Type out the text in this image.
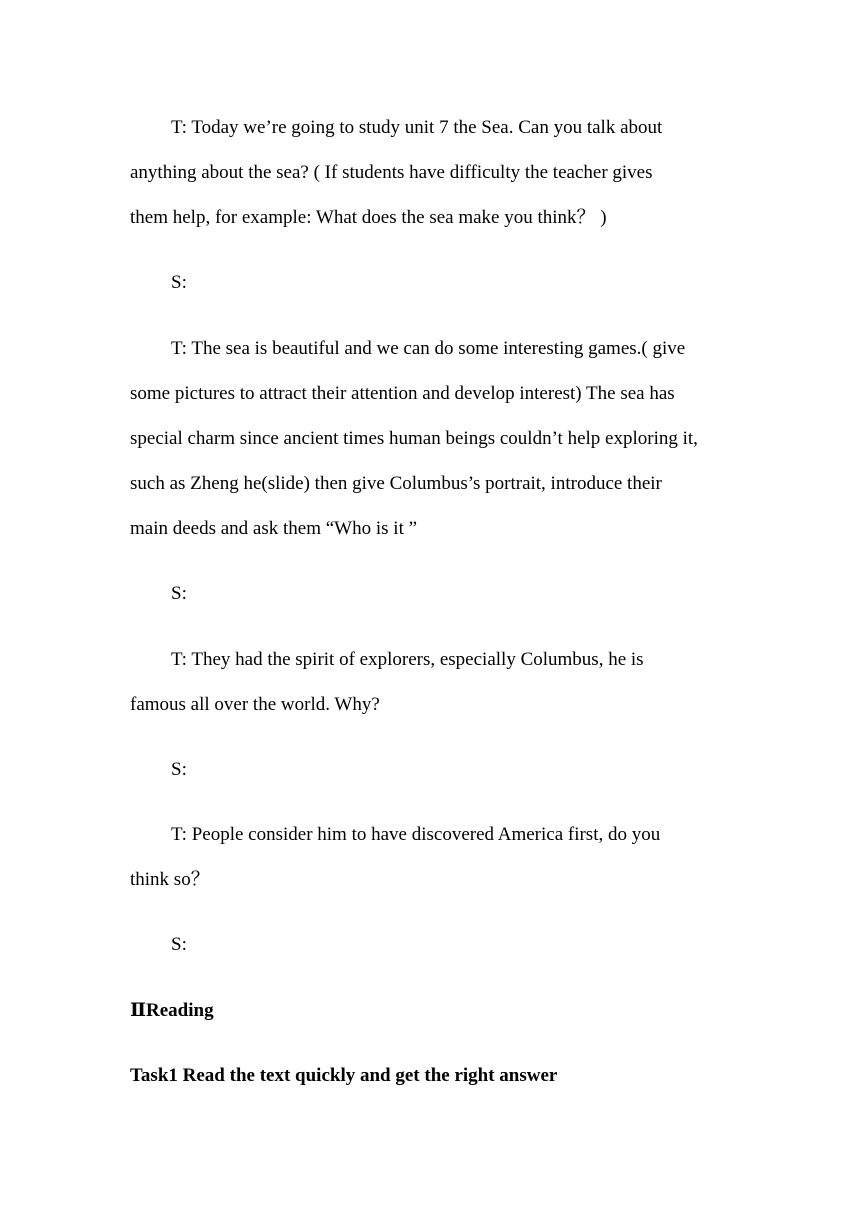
T: Today we’re going to study unit 7 the Sea. Can you talk about

anything about the sea? ( If students have difficulty the teacher gives

them help, for example: What does the sea make you think？ )

S:

T: The sea is beautiful and we can do some interesting games.( give

some pictures to attract their attention and develop interest) The sea has

special charm since ancient times human beings couldn’t help exploring it,

such as Zheng he(slide) then give Columbus’s portrait, introduce their

main deeds and ask them “Who is it ”

S:

T: They had the spirit of explorers, especially Columbus, he is

famous all over the world. Why?

S:

T: People consider him to have discovered America first, do you

think so？

S:

ⅡReading

Task1 Read the text quickly and get the right answer
